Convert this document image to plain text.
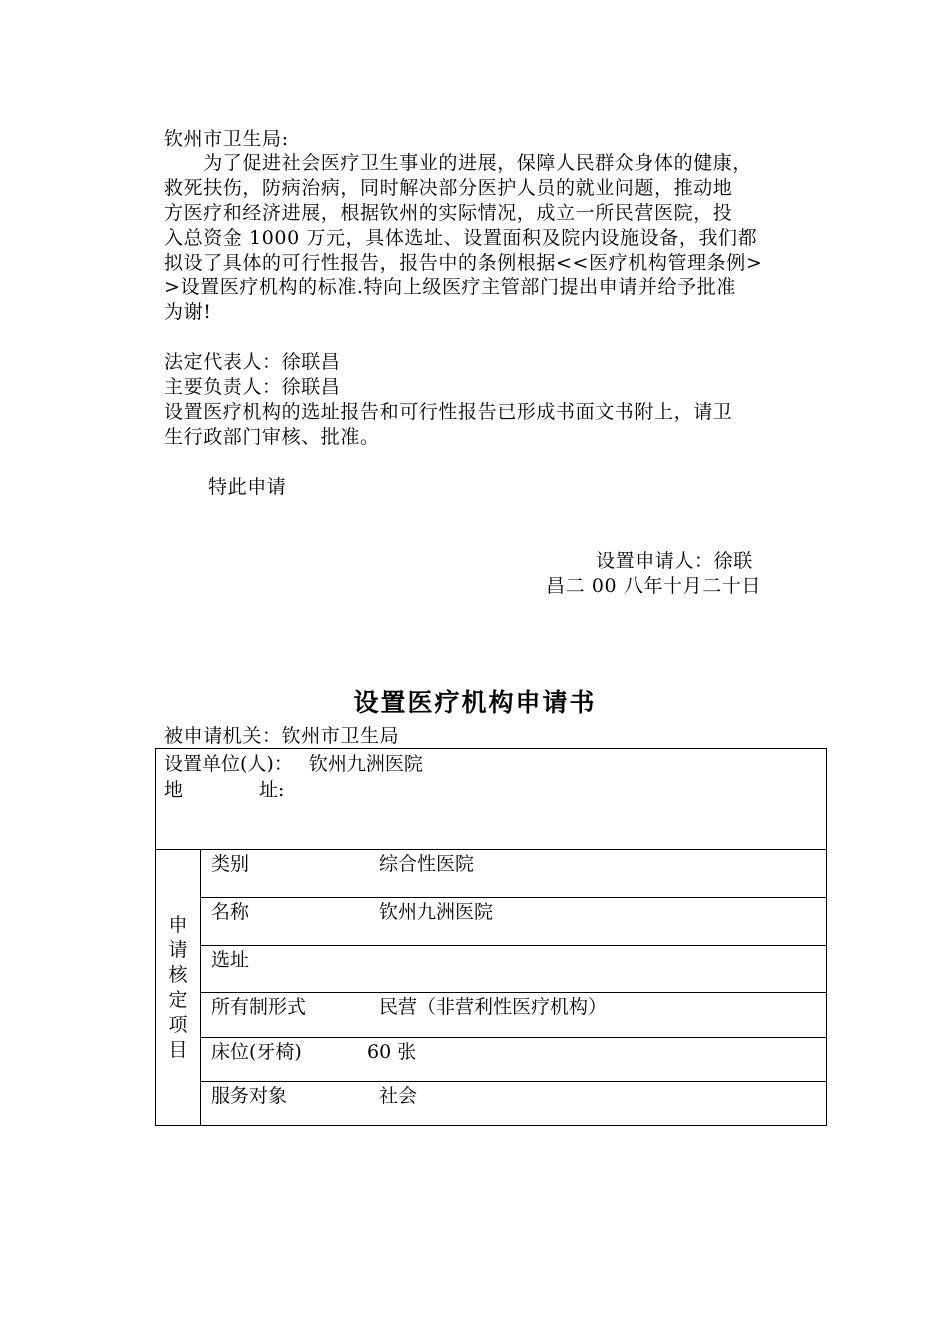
钦州市卫生局:
　　为了促进社会医疗卫生事业的进展，保障人民群众身体的健康，
救死扶伤，防病治病，同时解决部分医护人员的就业问题，推动地
方医疗和经济进展，根据钦州的实际情况，成立一所民营医院，投
入总资金 1000 万元，具体选址、设置面积及院内设施设备，我们都
拟设了具体的可行性报告，报告中的条例根据<<医疗机构管理条例>
>设置医疗机构的标准.特向上级医疗主管部门提出申请并给予批准
为谢!
法定代表人：徐联昌
主要负责人：徐联昌
设置医疗机构的选址报告和可行性报告已形成书面文书附上，请卫
生行政部门审核、批准。
特此申请
设置申请人：徐联
昌二 00 八年十月二十日
设置医疗机构申请书
被申请机关：钦州市卫生局
设置单位(人)： 钦州九洲医院
地　　　　址:

申
请
核
定
项
目
	类别	综合性医院
名称	钦州九洲医院
选址
所有制形式	民营（非营利性医疗机构）
床位(牙椅)	60 张
服务对象	社会
